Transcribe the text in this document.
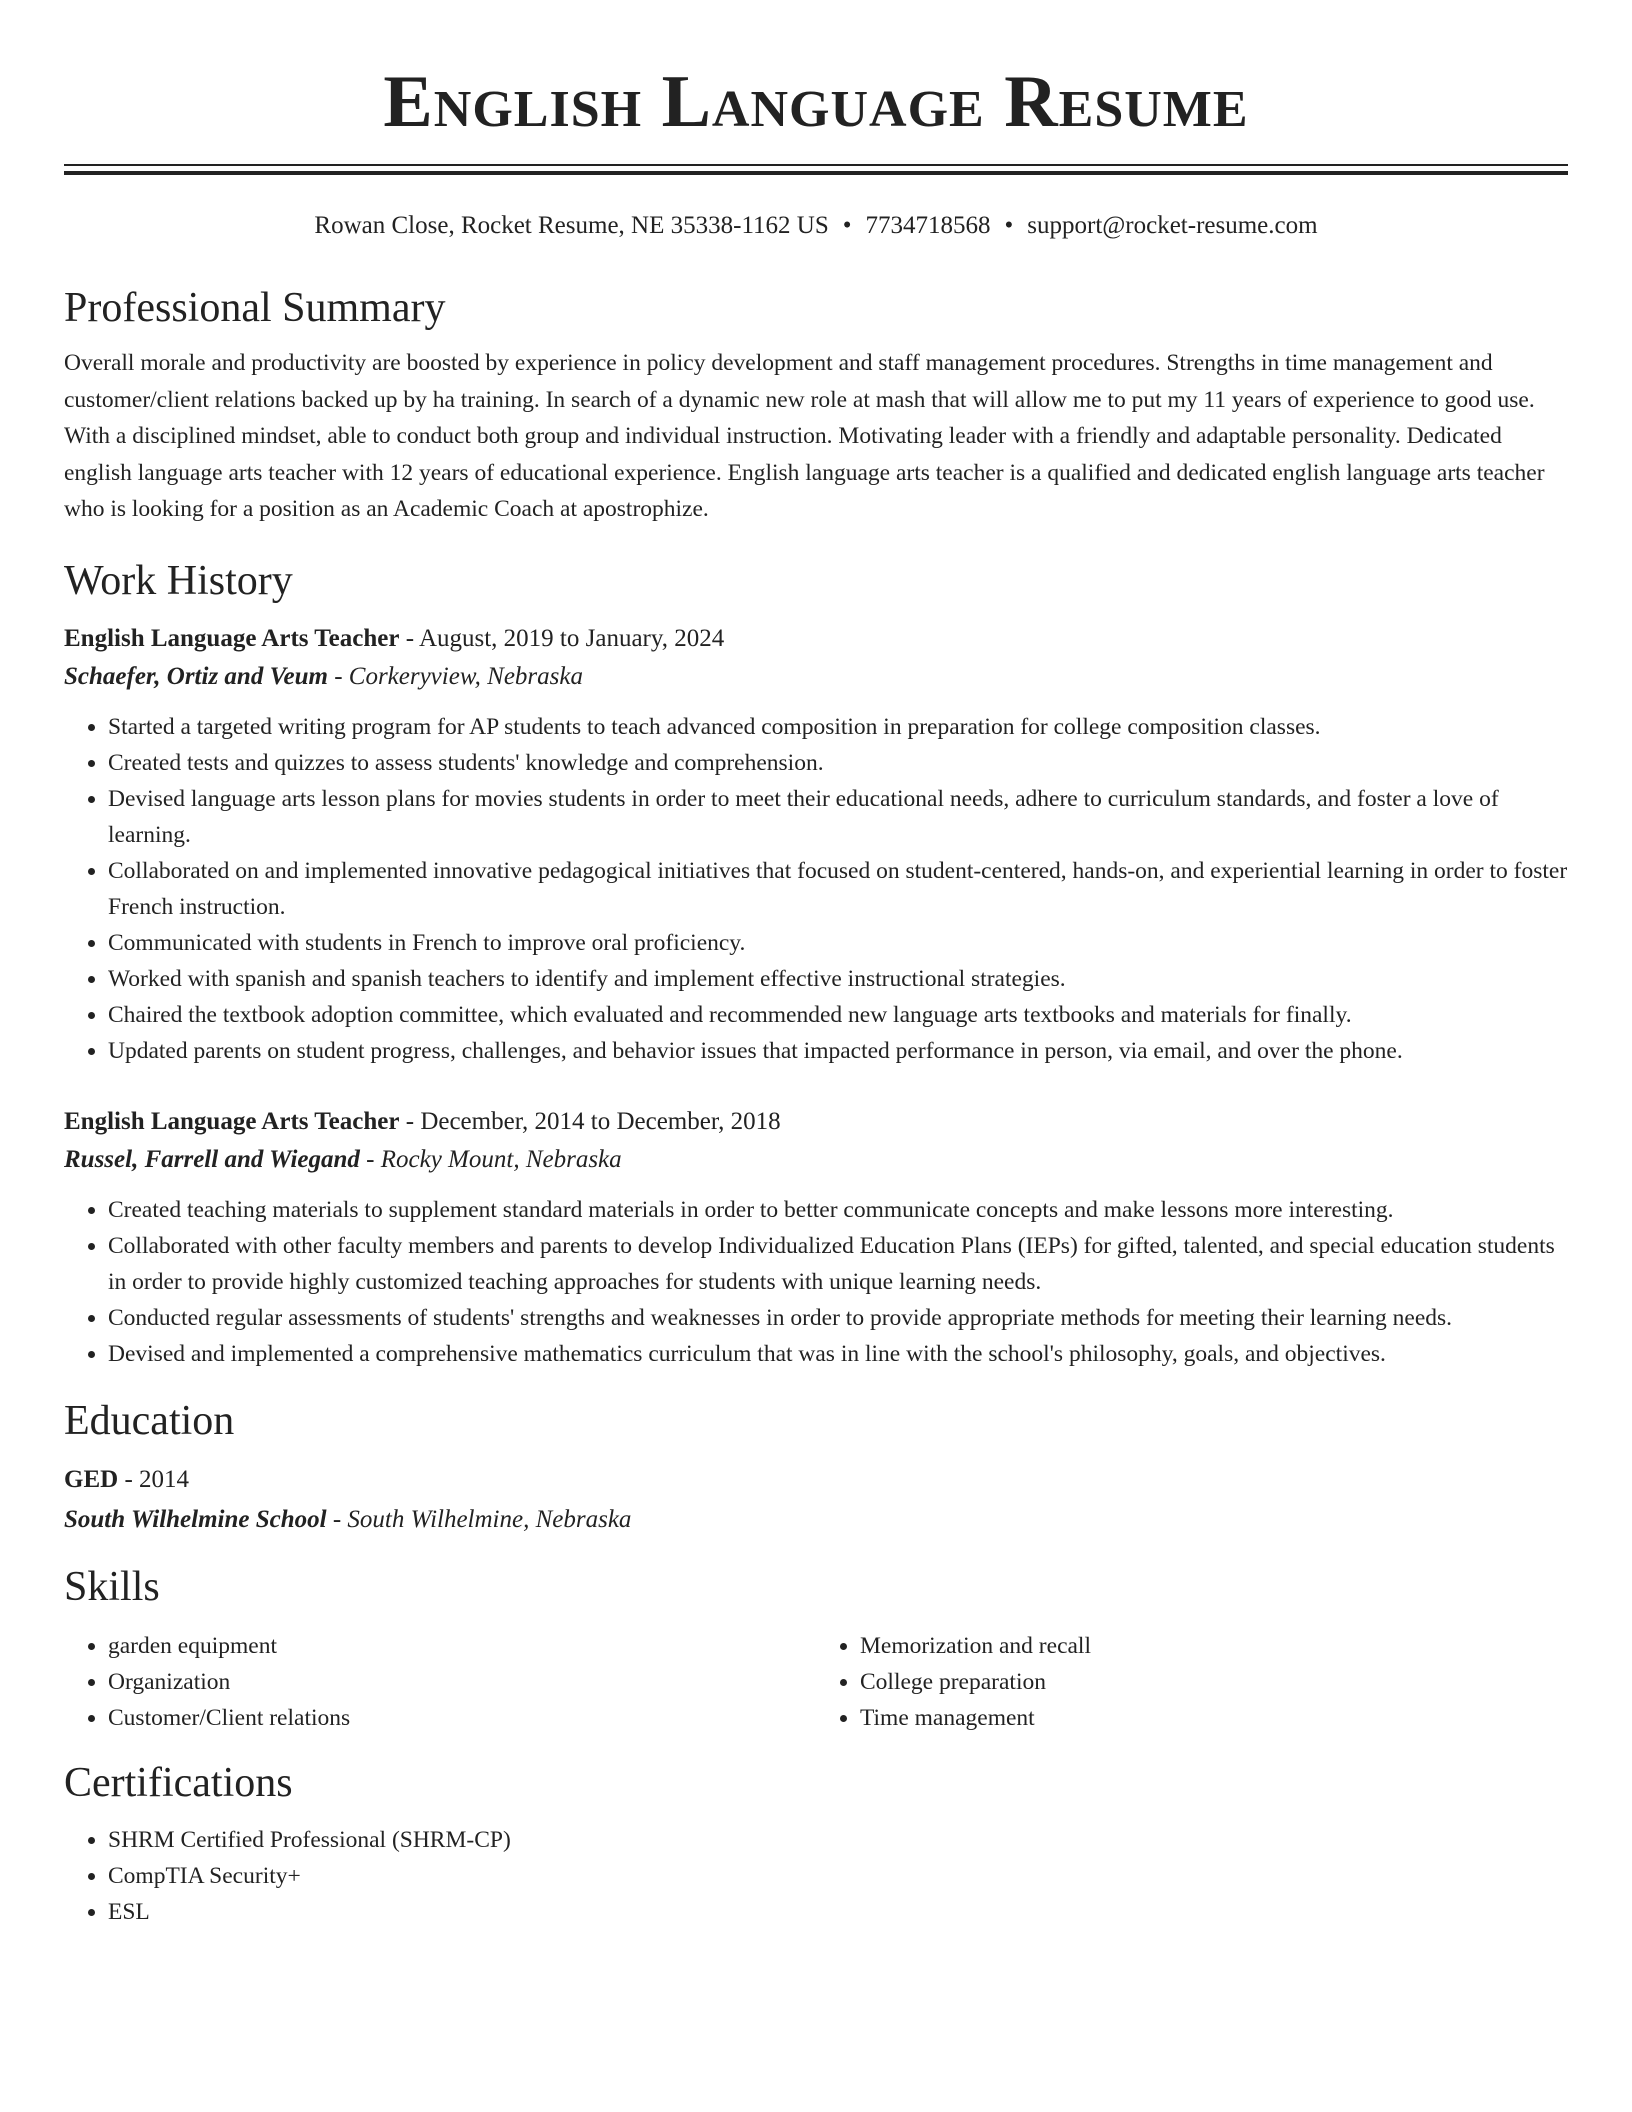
English Language Resume
Rowan Close, Rocket Resume, NE 35338-1162 US • 7734718568 • support@rocket-resume.com
Professional Summary

Overall morale and productivity are boosted by experience in policy development and staff management procedures. Strengths in time management and customer/client relations backed up by ha training. In search of a dynamic new role at mash that will allow me to put my 11 years of experience to good use. With a disciplined mindset, able to conduct both group and individual instruction. Motivating leader with a friendly and adaptable personality. Dedicated english language arts teacher with 12 years of educational experience. English language arts teacher is a qualified and dedicated english language arts teacher who is looking for a position as an Academic Coach at apostrophize.

Work History
English Language Arts Teacher - August, 2019 to January, 2024
Schaefer, Ortiz and Veum - Corkeryview, Nebraska
• Started a targeted writing program for AP students to teach advanced composition in preparation for college composition classes.
• Created tests and quizzes to assess students' knowledge and comprehension.
• Devised language arts lesson plans for movies students in order to meet their educational needs, adhere to curriculum standards, and foster a love of learning.
• Collaborated on and implemented innovative pedagogical initiatives that focused on student-centered, hands-on, and experiential learning in order to foster French instruction.
• Communicated with students in French to improve oral proficiency.
• Worked with spanish and spanish teachers to identify and implement effective instructional strategies.
• Chaired the textbook adoption committee, which evaluated and recommended new language arts textbooks and materials for finally.
• Updated parents on student progress, challenges, and behavior issues that impacted performance in person, via email, and over the phone.
English Language Arts Teacher - December, 2014 to December, 2018
Russel, Farrell and Wiegand - Rocky Mount, Nebraska
• Created teaching materials to supplement standard materials in order to better communicate concepts and make lessons more interesting.
• Collaborated with other faculty members and parents to develop Individualized Education Plans (IEPs) for gifted, talented, and special education students in order to provide highly customized teaching approaches for students with unique learning needs.
• Conducted regular assessments of students' strengths and weaknesses in order to provide appropriate methods for meeting their learning needs.
• Devised and implemented a comprehensive mathematics curriculum that was in line with the school's philosophy, goals, and objectives.
Education
GED - 2014
South Wilhelmine School - South Wilhelmine, Nebraska
Skills
• garden equipment
• Organization
• Customer/Client relations
• Memorization and recall
• College preparation
• Time management
Certifications
• SHRM Certified Professional (SHRM-CP)
• CompTIA Security+
• ESL
